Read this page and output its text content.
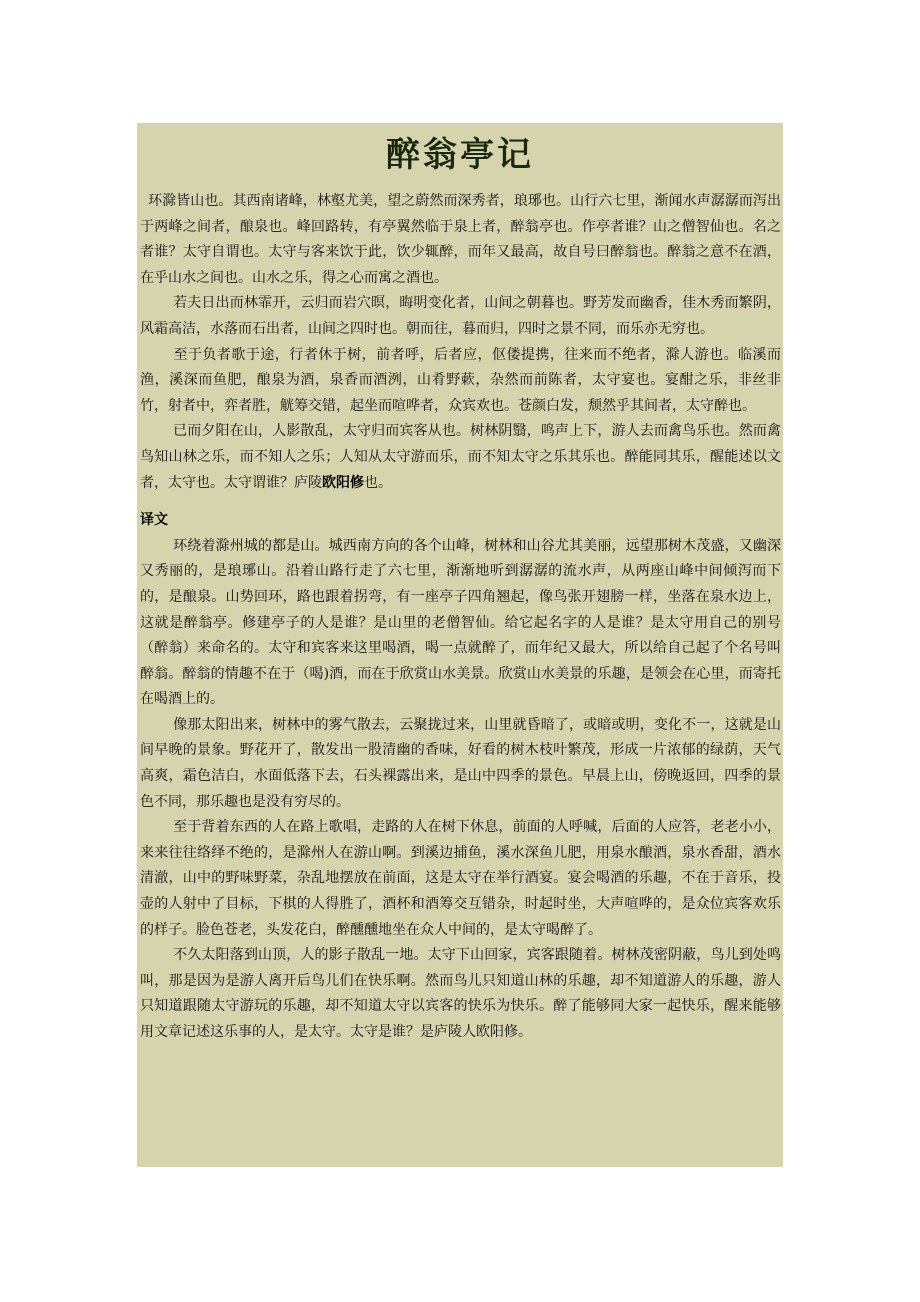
醉翁亭记

环滁皆山也。其西南诸峰，林壑尤美，望之蔚然而深秀者，琅琊也。山行六七里，渐闻水声潺潺而泻出于两峰之间者，酿泉也。峰回路转，有亭翼然临于泉上者，醉翁亭也。作亭者谁？山之僧智仙也。名之者谁？太守自谓也。太守与客来饮于此，饮少辄醉，而年又最高，故自号曰醉翁也。醉翁之意不在酒，在乎山水之间也。山水之乐，得之心而寓之酒也。

若夫日出而林霏开，云归而岩穴暝，晦明变化者，山间之朝暮也。野芳发而幽香，佳木秀而繁阴，风霜高洁，水落而石出者，山间之四时也。朝而往，暮而归，四时之景不同，而乐亦无穷也。

至于负者歌于途，行者休于树，前者呼，后者应，伛偻提携，往来而不绝者，滁人游也。临溪而渔，溪深而鱼肥，酿泉为酒，泉香而酒洌，山肴野蔌，杂然而前陈者，太守宴也。宴酣之乐，非丝非竹，射者中，弈者胜，觥筹交错，起坐而喧哗者，众宾欢也。苍颜白发，颓然乎其间者，太守醉也。

已而夕阳在山，人影散乱，太守归而宾客从也。树林阴翳，鸣声上下，游人去而禽鸟乐也。然而禽鸟知山林之乐，而不知人之乐；人知从太守游而乐，而不知太守之乐其乐也。醉能同其乐，醒能述以文者，太守也。太守谓谁？庐陵欧阳修也。

译文

环绕着滁州城的都是山。城西南方向的各个山峰，树林和山谷尤其美丽，远望那树木茂盛，又幽深又秀丽的，是琅琊山。沿着山路行走了六七里，渐渐地听到潺潺的流水声，从两座山峰中间倾泻而下的，是酿泉。山势回环，路也跟着拐弯，有一座亭子四角翘起，像鸟张开翅膀一样，坐落在泉水边上，这就是醉翁亭。修建亭子的人是谁？是山里的老僧智仙。给它起名字的人是谁？是太守用自己的别号（醉翁）来命名的。太守和宾客来这里喝酒，喝一点就醉了，而年纪又最大，所以给自己起了个名号叫醉翁。醉翁的情趣不在于（喝)酒，而在于欣赏山水美景。欣赏山水美景的乐趣，是领会在心里，而寄托在喝酒上的。

像那太阳出来，树林中的雾气散去，云聚拢过来，山里就昏暗了，或暗或明，变化不一，这就是山间早晚的景象。野花开了，散发出一股清幽的香味，好看的树木枝叶繁茂，形成一片浓郁的绿荫，天气高爽，霜色洁白，水面低落下去，石头裸露出来，是山中四季的景色。早晨上山，傍晚返回，四季的景色不同，那乐趣也是没有穷尽的。

至于背着东西的人在路上歌唱，走路的人在树下休息，前面的人呼喊，后面的人应答，老老小小，来来往往络绎不绝的，是滁州人在游山啊。到溪边捕鱼，溪水深鱼儿肥，用泉水酿酒，泉水香甜，酒水清澈，山中的野味野菜，杂乱地摆放在前面，这是太守在举行酒宴。宴会喝酒的乐趣，不在于音乐，投壶的人射中了目标，下棋的人得胜了，酒杯和酒筹交互错杂，时起时坐，大声喧哗的，是众位宾客欢乐的样子。脸色苍老，头发花白，醉醺醺地坐在众人中间的，是太守喝醉了。

不久太阳落到山顶，人的影子散乱一地。太守下山回家，宾客跟随着。树林茂密阴蔽，鸟儿到处鸣叫，那是因为是游人离开后鸟儿们在快乐啊。然而鸟儿只知道山林的乐趣，却不知道游人的乐趣，游人只知道跟随太守游玩的乐趣，却不知道太守以宾客的快乐为快乐。醉了能够同大家一起快乐，醒来能够用文章记述这乐事的人，是太守。太守是谁？是庐陵人欧阳修。
